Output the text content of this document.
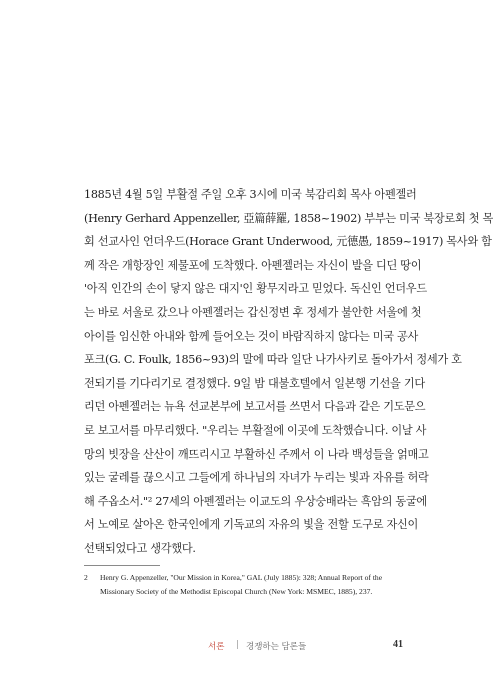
1885년 4월 5일 부활절 주일 오후 3시에 미국 북감리회 목사 아펜젤러
(Henry Gerhard Appenzeller, 亞篇薛羅, 1858~1902) 부부는 미국 북장로회 첫 목
회 선교사인 언더우드(Horace Grant Underwood, 元德愚, 1859~1917) 목사와 함
께 작은 개항장인 제물포에 도착했다. 아펜젤러는 자신이 발을 디딘 땅이
'아직 인간의 손이 닿지 않은 대지'인 황무지라고 믿었다. 독신인 언더우드
는 바로 서울로 갔으나 아펜젤러는 갑신정변 후 정세가 불안한 서울에 첫
아이를 임신한 아내와 함께 들어오는 것이 바람직하지 않다는 미국 공사
포크(G. C. Foulk, 1856~93)의 말에 따라 일단 나가사키로 돌아가서 정세가 호
전되기를 기다리기로 결정했다. 9일 밤 대불호텔에서 일본행 기선을 기다
리던 아펜젤러는 뉴욕 선교본부에 보고서를 쓰면서 다음과 같은 기도문으
로 보고서를 마무리했다. "우리는 부활절에 이곳에 도착했습니다. 이날 사
망의 빗장을 산산이 깨뜨리시고 부활하신 주께서 이 나라 백성들을 얽매고
있는 굴레를 끊으시고 그들에게 하나님의 자녀가 누리는 빛과 자유를 허락
해 주옵소서."² 27세의 아펜젤러는 이교도의 우상숭배라는 흑암의 동굴에
서 노예로 살아온 한국인에게 기독교의 자유의 빛을 전할 도구로 자신이
선택되었다고 생각했다.
2 Henry G. Appenzeller, "Our Mission in Korea," GAL (July 1885): 328; Annual Report of the
Missionary Society of the Methodist Episcopal Church (New York: MSMEC, 1885), 237.
서론 | 경쟁하는 담론들	41
